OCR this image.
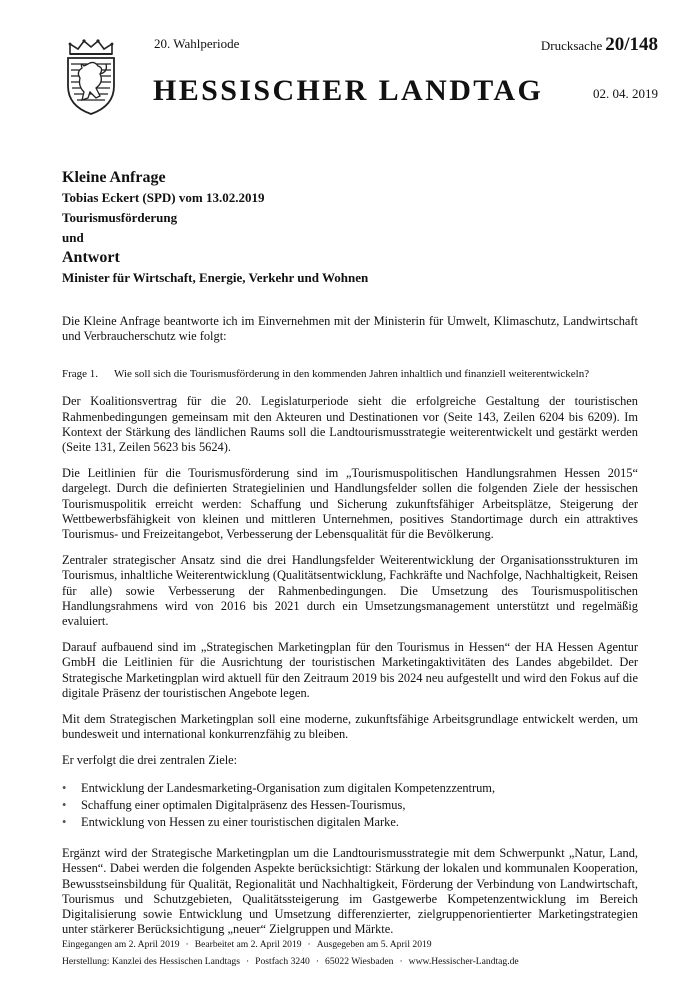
20. Wahlperiode	Drucksache 20/148
HESSISCHER LANDTAG	02. 04. 2019
Kleine Anfrage
Tobias Eckert (SPD) vom 13.02.2019
Tourismusförderung
und
Antwort
Minister für Wirtschaft, Energie, Verkehr und Wohnen

Die Kleine Anfrage beantworte ich im Einvernehmen mit der Ministerin für Umwelt, Klimaschutz, Landwirtschaft und Verbraucherschutz wie folgt:

Frage 1.	Wie soll sich die Tourismusförderung in den kommenden Jahren inhaltlich und finanziell weiterentwickeln?

Der Koalitionsvertrag für die 20. Legislaturperiode sieht die erfolgreiche Gestaltung der touristischen Rahmenbedingungen gemeinsam mit den Akteuren und Destinationen vor (Seite 143, Zeilen 6204 bis 6209). Im Kontext der Stärkung des ländlichen Raums soll die Landtourismusstrategie weiterentwickelt und gestärkt werden (Seite 131, Zeilen 5623 bis 5624).

Die Leitlinien für die Tourismusförderung sind im „Tourismuspolitischen Handlungsrahmen Hessen 2015“ dargelegt. Durch die definierten Strategielinien und Handlungsfelder sollen die folgenden Ziele der hessischen Tourismuspolitik erreicht werden: Schaffung und Sicherung zukunftsfähiger Arbeitsplätze, Steigerung der Wettbewerbsfähigkeit von kleinen und mittleren Unternehmen, positives Standortimage durch ein attraktives Tourismus- und Freizeitangebot, Verbesserung der Lebensqualität für die Bevölkerung.

Zentraler strategischer Ansatz sind die drei Handlungsfelder Weiterentwicklung der Organisationsstrukturen im Tourismus, inhaltliche Weiterentwicklung (Qualitätsentwicklung, Fachkräfte und Nachfolge, Nachhaltigkeit, Reisen für alle) sowie Verbesserung der Rahmenbedingungen. Die Umsetzung des Tourismuspolitischen Handlungsrahmens wird von 2016 bis 2021 durch ein Umsetzungsmanagement unterstützt und regelmäßig evaluiert.

Darauf aufbauend sind im „Strategischen Marketingplan für den Tourismus in Hessen“ der HA Hessen Agentur GmbH die Leitlinien für die Ausrichtung der touristischen Marketingaktivitäten des Landes abgebildet. Der Strategische Marketingplan wird aktuell für den Zeitraum 2019 bis 2024 neu aufgestellt und wird den Fokus auf die digitale Präsenz der touristischen Angebote legen.

Mit dem Strategischen Marketingplan soll eine moderne, zukunftsfähige Arbeitsgrundlage entwickelt werden, um bundesweit und international konkurrenzfähig zu bleiben.

Er verfolgt die drei zentralen Ziele:

• Entwicklung der Landesmarketing-Organisation zum digitalen Kompetenzzentrum,
• Schaffung einer optimalen Digitalpräsenz des Hessen-Tourismus,
• Entwicklung von Hessen zu einer touristischen digitalen Marke.

Ergänzt wird der Strategische Marketingplan um die Landtourismusstrategie mit dem Schwerpunkt „Natur, Land, Hessen“. Dabei werden die folgenden Aspekte berücksichtigt: Stärkung der lokalen und kommunalen Kooperation, Bewusstseinsbildung für Qualität, Regionalität und Nachhaltigkeit, Förderung der Verbindung von Landwirtschaft, Tourismus und Schutzgebieten, Qualitätssteigerung im Gastgewerbe Kompetenzentwicklung im Bereich Digitalisierung sowie Entwicklung und Umsetzung differenzierter, zielgruppenorientierter Marketingstrategien unter stärkerer Berücksichtigung „neuer“ Zielgruppen und Märkte.

Eingegangen am 2. April 2019 · Bearbeitet am 2. April 2019 · Ausgegeben am 5. April 2019
Herstellung: Kanzlei des Hessischen Landtags · Postfach 3240 · 65022 Wiesbaden · www.Hessischer-Landtag.de
